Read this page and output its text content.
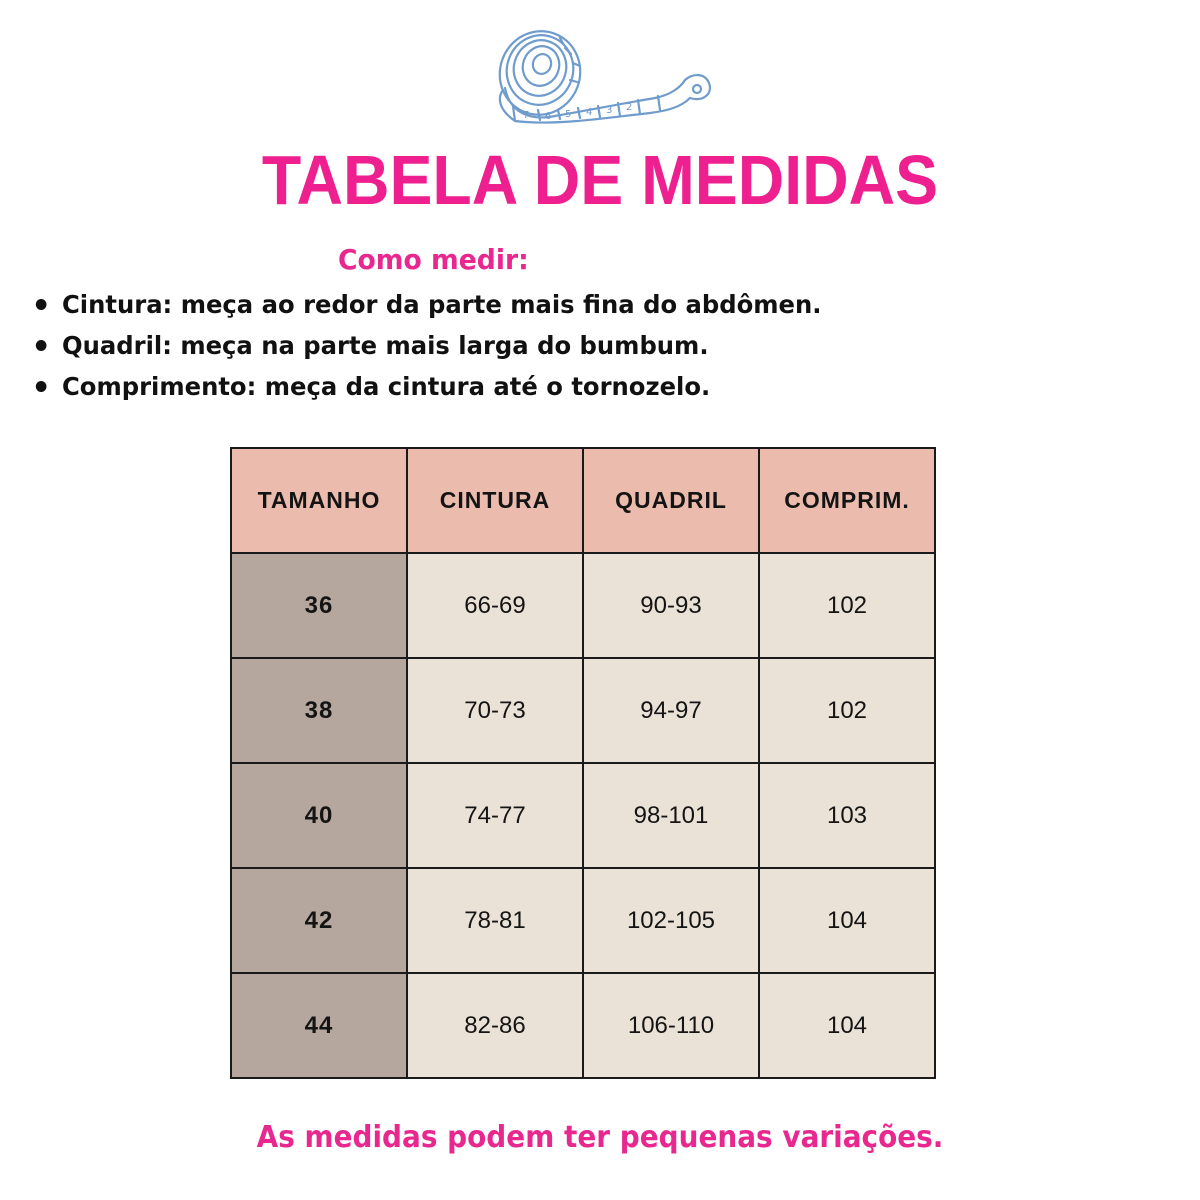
6 5 4 3 2
7
TABELA DE MEDIDAS
Como medir:
Cintura: meça ao redor da parte mais fina do abdômen.
Quadril: meça na parte mais larga do bumbum.
Comprimento: meça da cintura até o tornozelo.
TAMANHO	CINTURA	QUADRIL	COMPRIM.
36	66-69	90-93	102
38	70-73	94-97	102
40	74-77	98-101	103
42	78-81	102-105	104
44	82-86	106-110	104
As medidas podem ter pequenas variações.
